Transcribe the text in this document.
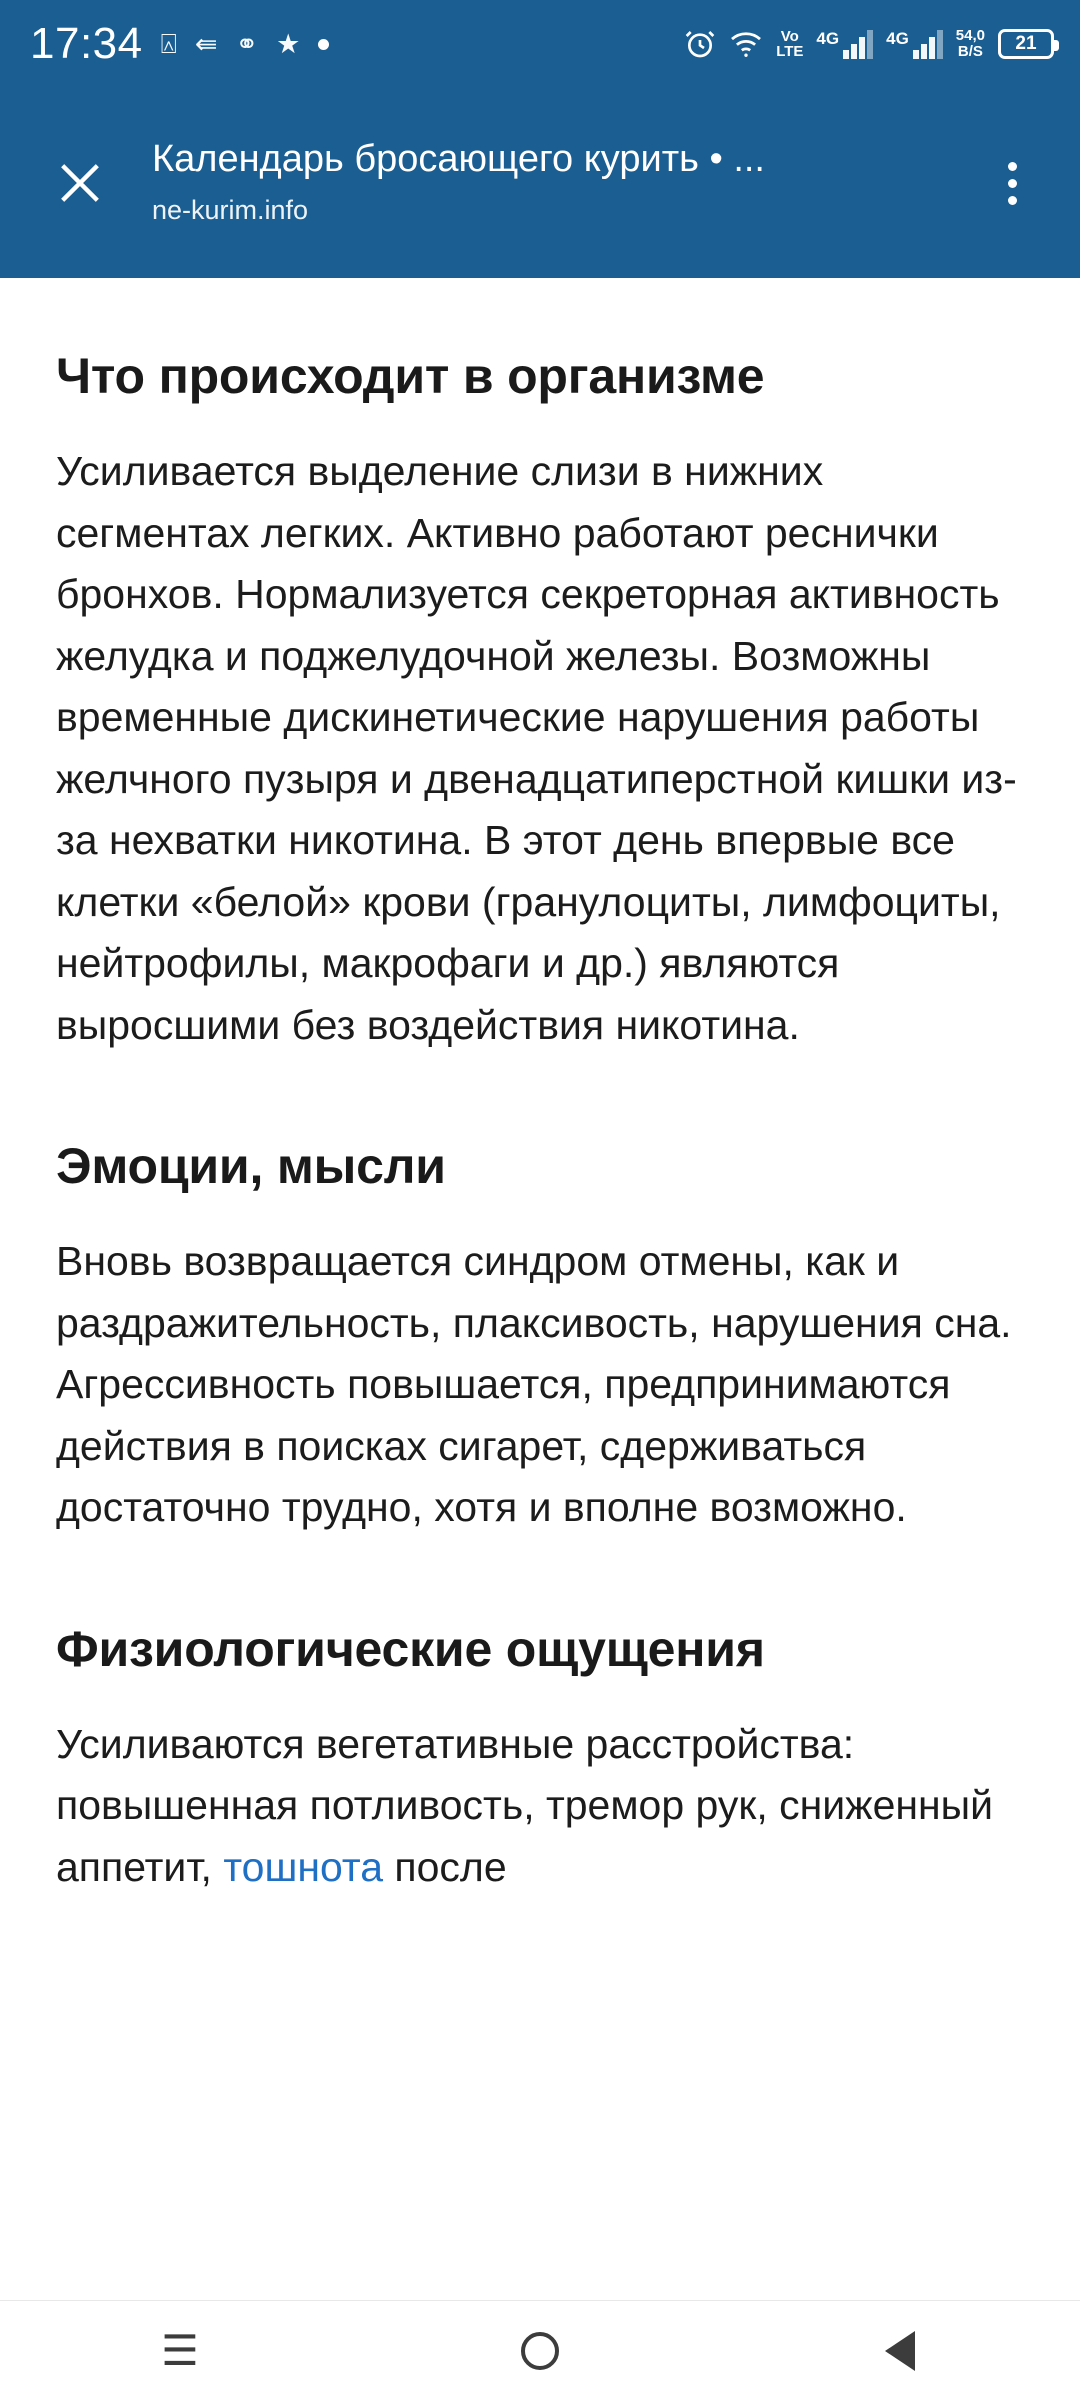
17:34 ⍓ ⇚ ⚭ ★	Vo
LTE
4G	4G	54,0
B/S 21
Календарь бросающего курить • ...
ne-kurim.info
Что происходит в организме

Усиливается выделение слизи в нижних сегментах легких. Активно работают реснички бронхов. Нормализуется секреторная активность желудка и поджелудочной железы. Возможны временные дискинетические нарушения работы желчного пузыря и двенадцатиперстной кишки из-за нехватки никотина. В этот день впервые все клетки «белой» крови (гранулоциты, лимфоциты, нейтрофилы, макрофаги и др.) являются выросшими без воздействия никотина.

Эмоции, мысли

Вновь возвращается синдром отмены, как и раздражительность, плаксивость, нарушения сна. Агрессивность повышается, предпринимаются действия в поисках сигарет, сдерживаться достаточно трудно, хотя и вполне возможно.

Физиологические ощущения

Усиливаются вегетативные расстройства: повышенная потливость, тремор рук, сниженный аппетит, тошнота после

☰
